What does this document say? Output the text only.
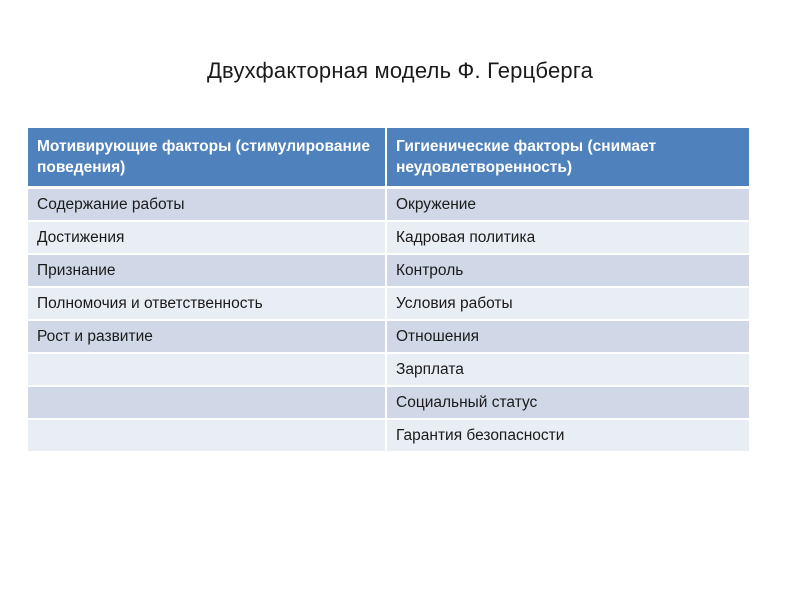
Двухфакторная модель Ф. Герцберга
Мотивирующие факторы (стимулирование поведения)	Гигиенические факторы (снимает неудовлетворенность)
Содержание работы	Окружение
Достижения	Кадровая политика
Признание	Контроль
Полномочия и ответственность	Условия работы
Рост и развитие	Отношения
	Зарплата
	Социальный статус
	Гарантия безопасности
